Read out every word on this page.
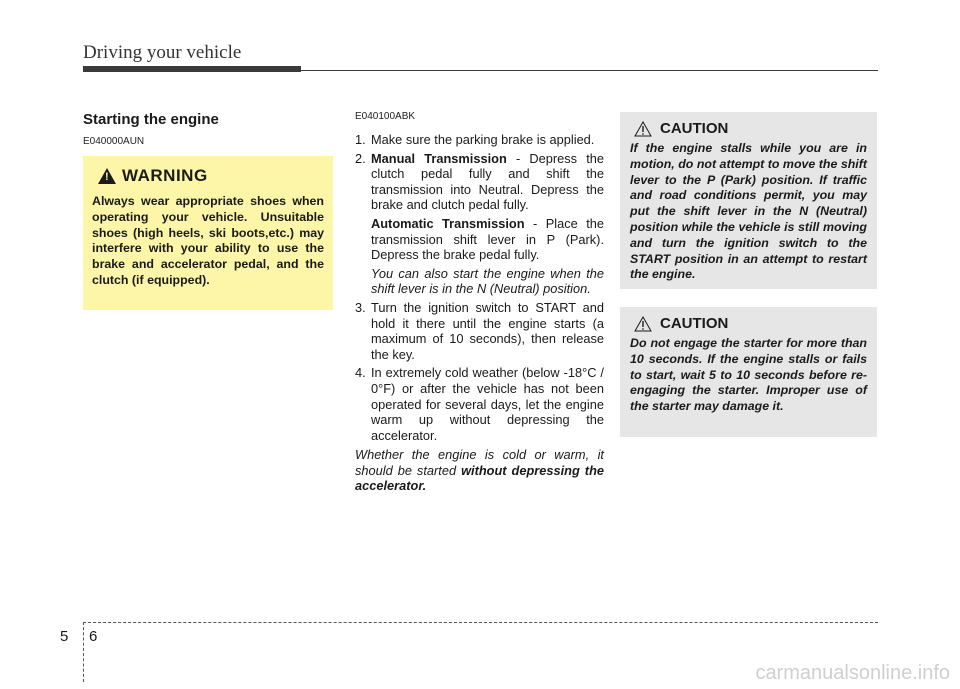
Driving your vehicle
Starting the engine
E040000AUN
!
WARNING
Always wear appropriate shoes when operating your vehicle. Unsuitable shoes (high heels, ski boots,etc.) may interfere with your ability to use the brake and accelerator pedal, and the clutch (if equipped).
E040100ABK
1. Make sure the parking brake is applied.
2. Manual Transmission - Depress the clutch pedal fully and shift the transmission into Neutral. Depress the brake and clutch pedal fully.
Automatic Transmission - Place the transmission shift lever in P (Park). Depress the brake pedal fully.
You can also start the engine when the shift lever is in the N (Neutral) position.
3. Turn the ignition switch to START and hold it there until the engine starts (a maximum of 10 seconds), then release the key.
4. In extremely cold weather (below -18°C / 0°F) or after the vehicle has not been operated for several days, let the engine warm up without depressing the accelerator.
Whether the engine is cold or warm, it should be started without depressing the accelerator.
CAUTION
If the engine stalls while you are in motion, do not attempt to move the shift lever to the P (Park) position. If traffic and road conditions permit, you may put the shift lever in the N (Neutral) position while the vehicle is still moving and turn the ignition switch to the START position in an attempt to restart the engine.
CAUTION
Do not engage the starter for more than 10 seconds. If the engine stalls or fails to start, wait 5 to 10 seconds before re-engaging the starter. Improper use of the starter may damage it.
5 6
carmanualsonline.info
